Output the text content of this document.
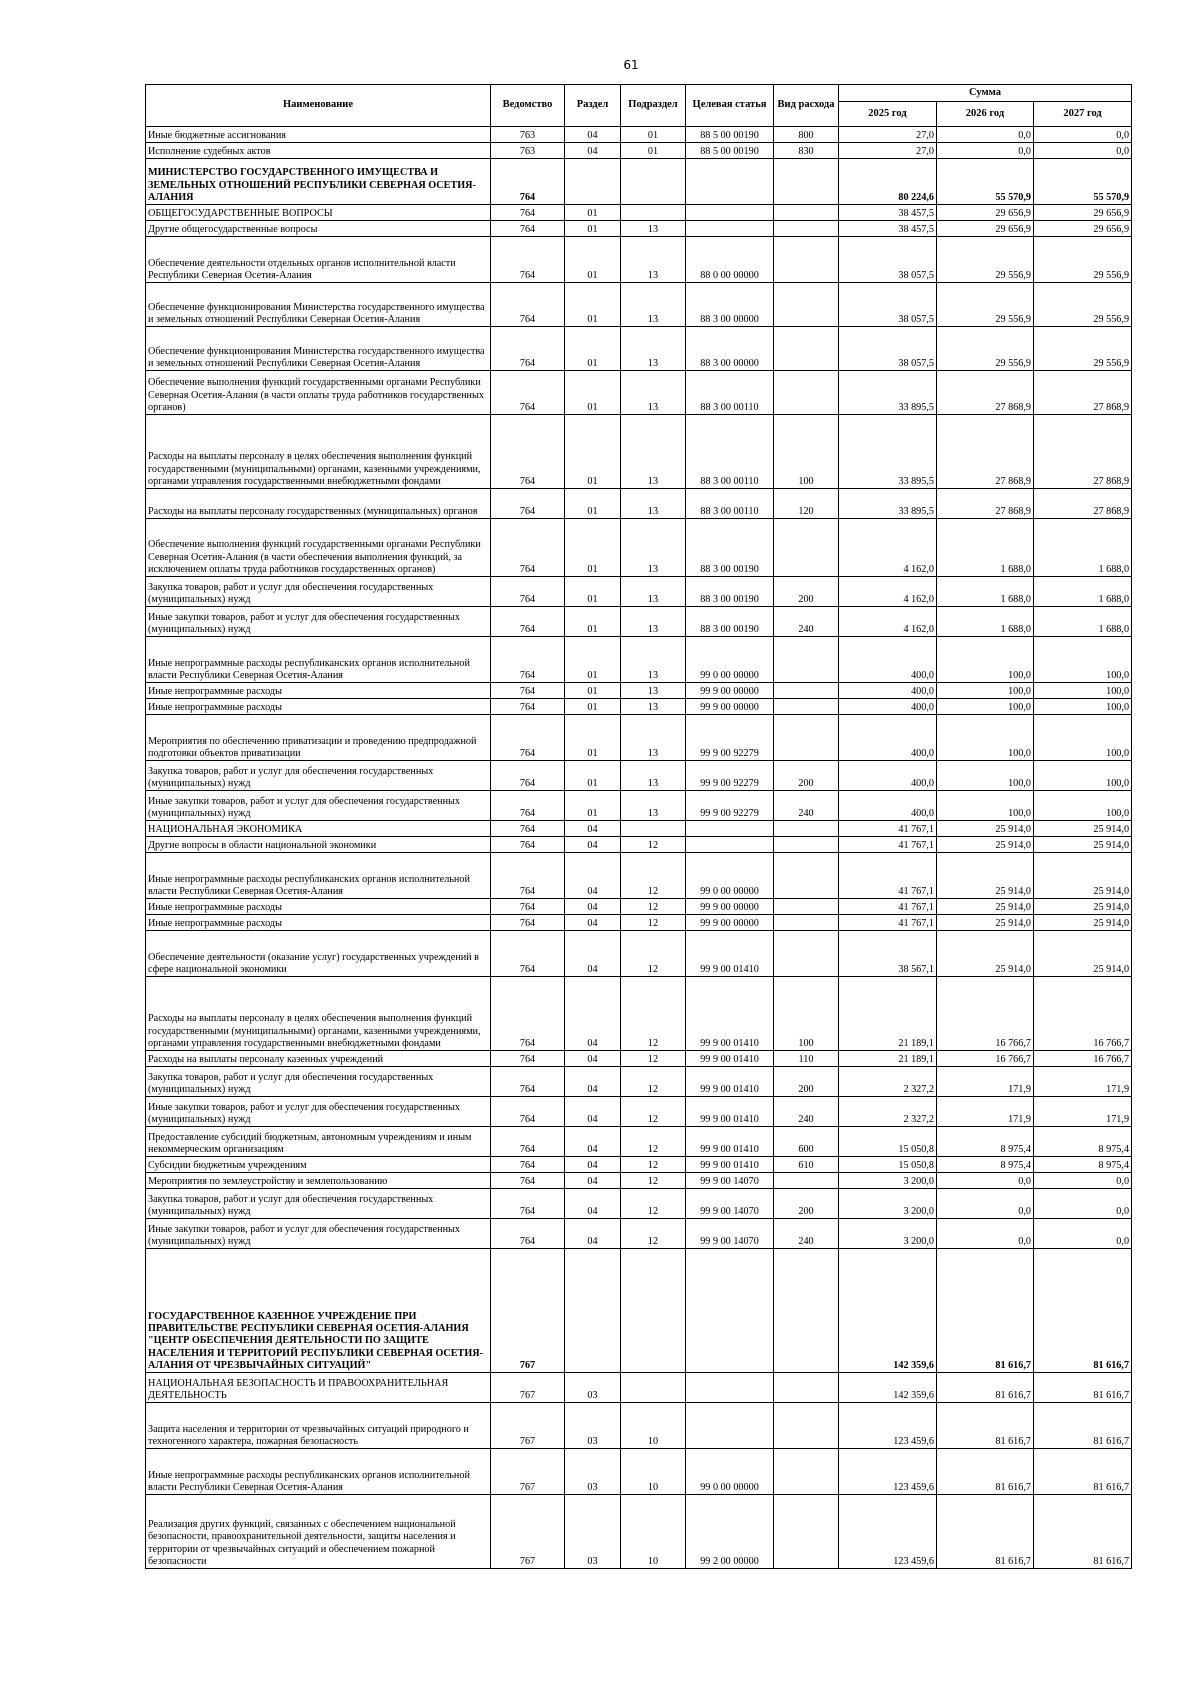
61
Наименование	Ведомство	Раздел	Подраздел	Целевая статья	Вид расхода	Сумма		
						2025 год	2026 год	2027 год
Иные бюджетные ассигнования	763	04	01	88 5 00 00190	800	27,0	0,0	0,0
Исполнение судебных актов	763	04	01	88 5 00 00190	830	27,0	0,0	0,0
МИНИСТЕРСТВО ГОСУДАРСТВЕННОГО ИМУЩЕСТВА И ЗЕМЕЛЬНЫХ ОТНОШЕНИЙ РЕСПУБЛИКИ СЕВЕРНАЯ ОСЕТИЯ-АЛАНИЯ	764					80 224,6	55 570,9	55 570,9
ОБЩЕГОСУДАРСТВЕННЫЕ ВОПРОСЫ	764	01				38 457,5	29 656,9	29 656,9
Другие общегосударственные вопросы	764	01	13			38 457,5	29 656,9	29 656,9
Обеспечение деятельности отдельных органов исполнительной власти Республики Северная Осетия-Алания	764	01	13	88 0 00 00000		38 057,5	29 556,9	29 556,9
Обеспечение функционирования Министерства государственного имущества и земельных отношений Республики Северная Осетия-Алания	764	01	13	88 3 00 00000		38 057,5	29 556,9	29 556,9
Обеспечение функционирования Министерства государственного имущества и земельных отношений Республики Северная Осетия-Алания	764	01	13	88 3 00 00000		38 057,5	29 556,9	29 556,9
Обеспечение выполнения функций государственными органами Республики Северная Осетия-Алания (в части оплаты труда работников государственных органов)	764	01	13	88 3 00 00110		33 895,5	27 868,9	27 868,9
Расходы на выплаты персоналу в целях обеспечения выполнения функций государственными (муниципальными) органами, казенными учреждениями, органами управления государственными внебюджетными фондами	764	01	13	88 3 00 00110	100	33 895,5	27 868,9	27 868,9
Расходы на выплаты персоналу государственных (муниципальных) органов	764	01	13	88 3 00 00110	120	33 895,5	27 868,9	27 868,9
Обеспечение выполнения функций государственными органами Республики Северная Осетия-Алания (в части обеспечения выполнения функций, за исключением оплаты труда работников государственных органов)	764	01	13	88 3 00 00190		4 162,0	1 688,0	1 688,0
Закупка товаров, работ и услуг для обеспечения государственных (муниципальных) нужд	764	01	13	88 3 00 00190	200	4 162,0	1 688,0	1 688,0
Иные закупки товаров, работ и услуг для обеспечения государственных (муниципальных) нужд	764	01	13	88 3 00 00190	240	4 162,0	1 688,0	1 688,0
Иные непрограммные расходы республиканских органов исполнительной власти Республики Северная Осетия-Алания	764	01	13	99 0 00 00000		400,0	100,0	100,0
Иные непрограммные расходы	764	01	13	99 9 00 00000		400,0	100,0	100,0
Иные непрограммные расходы	764	01	13	99 9 00 00000		400,0	100,0	100,0
Мероприятия по обеспечению приватизации и проведению предпродажной подготовки объектов приватизации	764	01	13	99 9 00 92279		400,0	100,0	100,0
Закупка товаров, работ и услуг для обеспечения государственных (муниципальных) нужд	764	01	13	99 9 00 92279	200	400,0	100,0	100,0
Иные закупки товаров, работ и услуг для обеспечения государственных (муниципальных) нужд	764	01	13	99 9 00 92279	240	400,0	100,0	100,0
НАЦИОНАЛЬНАЯ ЭКОНОМИКА	764	04				41 767,1	25 914,0	25 914,0
Другие вопросы в области национальной экономики	764	04	12			41 767,1	25 914,0	25 914,0
Иные непрограммные расходы республиканских органов исполнительной власти Республики Северная Осетия-Алания	764	04	12	99 0 00 00000		41 767,1	25 914,0	25 914,0
Иные непрограммные расходы	764	04	12	99 9 00 00000		41 767,1	25 914,0	25 914,0
Иные непрограммные расходы	764	04	12	99 9 00 00000		41 767,1	25 914,0	25 914,0
Обеспечение деятельности (оказание услуг) государственных учреждений в сфере национальной экономики	764	04	12	99 9 00 01410		38 567,1	25 914,0	25 914,0
Расходы на выплаты персоналу в целях обеспечения выполнения функций государственными (муниципальными) органами, казенными учреждениями, органами управления государственными внебюджетными фондами	764	04	12	99 9 00 01410	100	21 189,1	16 766,7	16 766,7
Расходы на выплаты персоналу казенных учреждений	764	04	12	99 9 00 01410	110	21 189,1	16 766,7	16 766,7
Закупка товаров, работ и услуг для обеспечения государственных (муниципальных) нужд	764	04	12	99 9 00 01410	200	2 327,2	171,9	171,9
Иные закупки товаров, работ и услуг для обеспечения государственных (муниципальных) нужд	764	04	12	99 9 00 01410	240	2 327,2	171,9	171,9
Предоставление субсидий бюджетным, автономным учреждениям и иным некоммерческим организациям	764	04	12	99 9 00 01410	600	15 050,8	8 975,4	8 975,4
Субсидии бюджетным учреждениям	764	04	12	99 9 00 01410	610	15 050,8	8 975,4	8 975,4
Мероприятия по землеустройству и землепользованию	764	04	12	99 9 00 14070		3 200,0	0,0	0,0
Закупка товаров, работ и услуг для обеспечения государственных (муниципальных) нужд	764	04	12	99 9 00 14070	200	3 200,0	0,0	0,0
Иные закупки товаров, работ и услуг для обеспечения государственных (муниципальных) нужд	764	04	12	99 9 00 14070	240	3 200,0	0,0	0,0
ГОСУДАРСТВЕННОЕ КАЗЕННОЕ УЧРЕЖДЕНИЕ ПРИ ПРАВИТЕЛЬСТВЕ РЕСПУБЛИКИ СЕВЕРНАЯ ОСЕТИЯ-АЛАНИЯ "ЦЕНТР ОБЕСПЕЧЕНИЯ ДЕЯТЕЛЬНОСТИ ПО ЗАЩИТЕ НАСЕЛЕНИЯ И ТЕРРИТОРИЙ РЕСПУБЛИКИ СЕВЕРНАЯ ОСЕТИЯ-АЛАНИЯ ОТ ЧРЕЗВЫЧАЙНЫХ СИТУАЦИЙ"	767					142 359,6	81 616,7	81 616,7
НАЦИОНАЛЬНАЯ БЕЗОПАСНОСТЬ И ПРАВООХРАНИТЕЛЬНАЯ ДЕЯТЕЛЬНОСТЬ	767	03				142 359,6	81 616,7	81 616,7
Защита населения и территории от чрезвычайных ситуаций природного и техногенного характера, пожарная безопасность	767	03	10			123 459,6	81 616,7	81 616,7
Иные непрограммные расходы республиканских органов исполнительной власти Республики Северная Осетия-Алания	767	03	10	99 0 00 00000		123 459,6	81 616,7	81 616,7
Реализация других функций, связанных с обеспечением национальной безопасности, правоохранительной деятельности, защиты населения и территории от чрезвычайных ситуаций и обеспечением пожарной безопасности	767	03	10	99 2 00 00000		123 459,6	81 616,7	81 616,7
